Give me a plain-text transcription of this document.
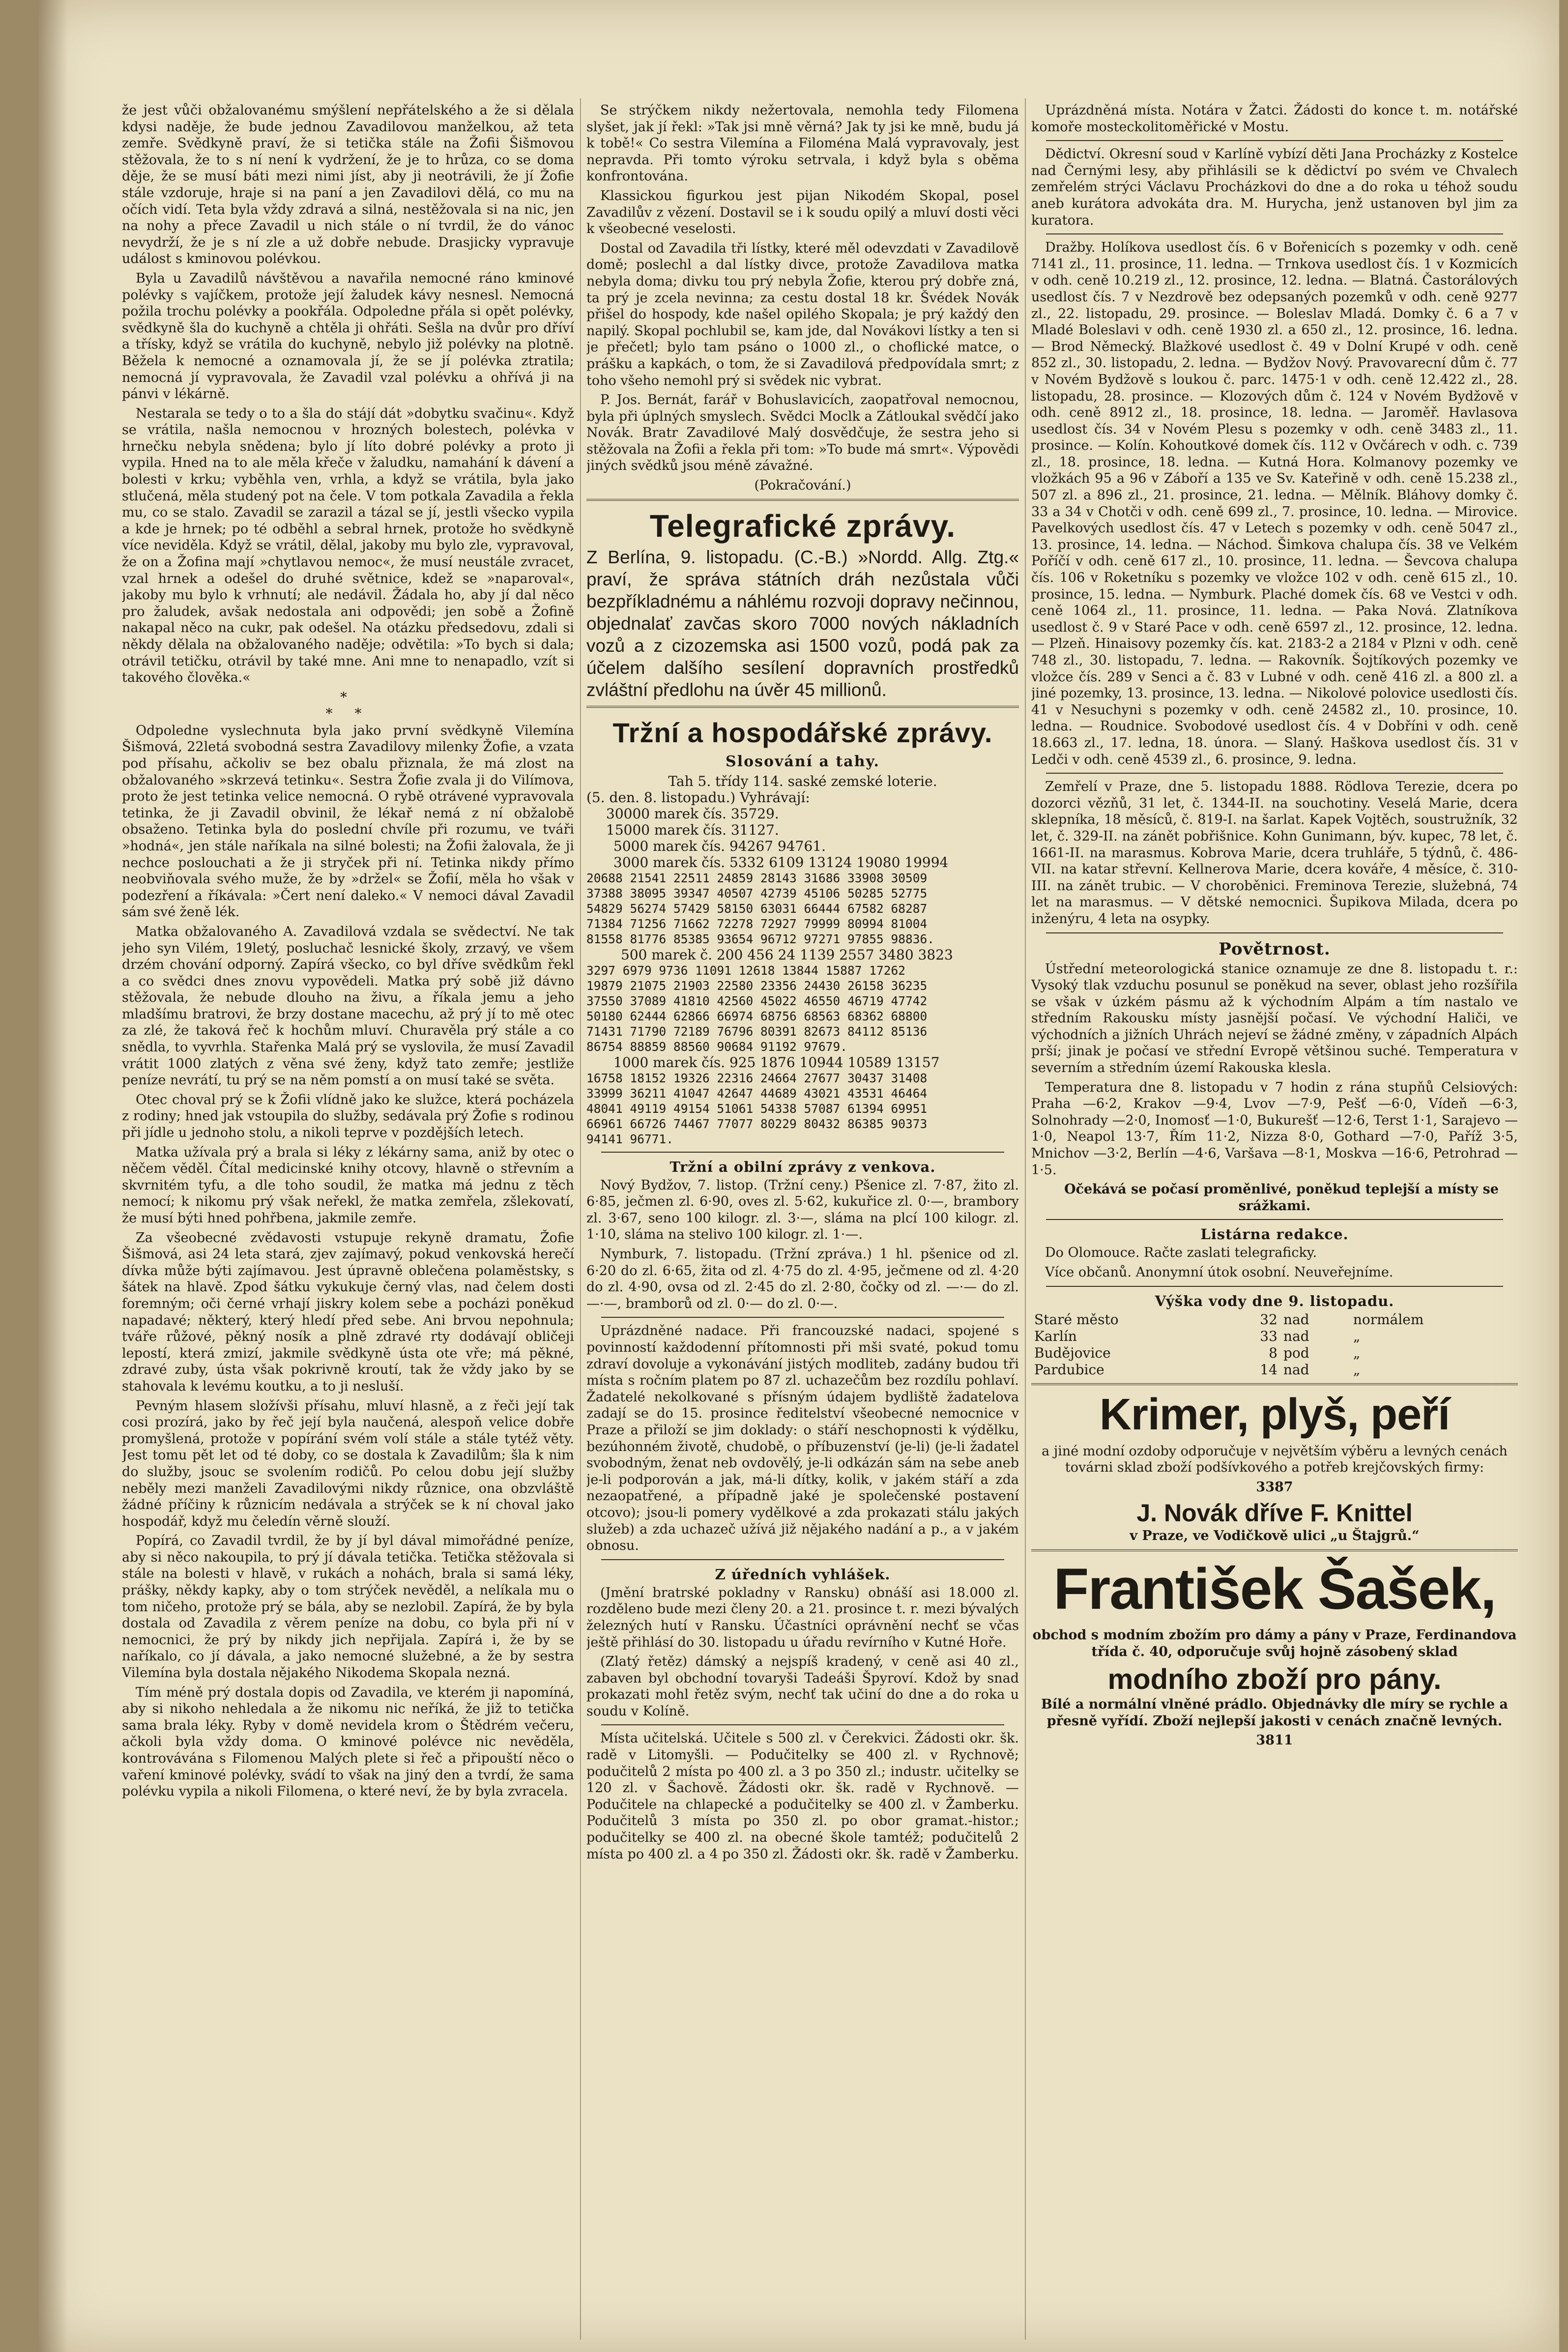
že jest vůči obžalovanému smýšlení nepřátelského a že si dělala kdysi naděje, že bude jednou Zavadilovou manželkou, až teta zemře. Svědkyně praví, že si tetička stále na Žofii Šišmovou stěžovala, že to s ní není k vydržení, že je to hrůza, co se doma děje, že se musí báti mezi nimi jíst, aby ji neotrávili, že jí Žofie stále vzdoruje, hraje si na paní a jen Zavadilovi dělá, co mu na očích vidí. Teta byla vždy zdravá a silná, nestěžovala si na nic, jen na nohy a přece Zavadil u nich stále o ní tvrdil, že do vánoc nevydrží, že je s ní zle a už dobře nebude. Drasjicky vypravuje událost s kminovou polévkou.

Byla u Zavadilů návštěvou a navařila nemocné ráno kminové polévky s vajíčkem, protože její žaludek kávy nesnesl. Nemocná požila trochu polévky a pookřála. Odpoledne přála si opět polévky, svědkyně šla do kuchyně a chtěla ji ohřáti. Sešla na dvůr pro dříví a třísky, když se vrátila do kuchyně, nebylo již polévky na plotně. Běžela k nemocné a oznamovala jí, že se jí polévka ztratila; nemocná jí vypravovala, že Zavadil vzal polévku a ohřívá ji na pánvi v lékárně.

Nestarala se tedy o to a šla do stájí dát »dobytku svačinu«. Když se vrátila, našla nemocnou v hrozných bolestech, polévka v hrnečku nebyla snědena; bylo jí líto dobré polévky a proto ji vypila. Hned na to ale měla křeče v žaludku, namahání k dávení a bolesti v krku; vyběhla ven, vrhla, a když se vrátila, byla jako stlučená, měla studený pot na čele. V tom potkala Zavadila a řekla mu, co se stalo. Zavadil se zarazil a tázal se jí, jestli všecko vypila a kde je hrnek; po té odběhl a sebral hrnek, protože ho svědkyně více neviděla. Když se vrátil, dělal, jakoby mu bylo zle, vypravoval, že on a Žofina mají »chytlavou nemoc«, že musí neustále zvracet, vzal hrnek a odešel do druhé světnice, kdež se »naparoval«, jakoby mu bylo k vrhnutí; ale nedávil. Žádala ho, aby jí dal něco pro žaludek, avšak nedostala ani odpovědi; jen sobě a Žofině nakapal něco na cukr, pak odešel. Na otázku předsedovu, zdali si někdy dělala na obžalovaného naděje; odvětila: »To bych si dala; otrávil tetičku, otrávil by také mne. Ani mne to nenapadlo, vzít si takového člověka.«

*
* *

Odpoledne vyslechnuta byla jako první svědkyně Vilemína Šišmová, 22letá svobodná sestra Zavadilovy milenky Žofie, a vzata pod přísahu, ačkoliv se bez obalu přiznala, že má zlost na obžalovaného »skrzevá tetinku«. Sestra Žofie zvala ji do Vilímova, proto že jest tetinka velice nemocná. O rybě otrávené vypravovala tetinka, že ji Zavadil obvinil, že lékař nemá z ní obžalobě obsaženo. Tetinka byla do poslední chvíle při rozumu, ve tváři »hodná«, jen stále naříkala na silné bolesti; na Žofii žalovala, že ji nechce poslouchati a že ji stryček při ní. Tetinka nikdy přímo neobviňovala svého muže, že by »držel« se Žofií, měla ho však v podezření a říkávala: »Čert není daleko.« V nemoci dával Zavadil sám své ženě lék.

Matka obžalovaného A. Zavadilová vzdala se svědectví. Ne tak jeho syn Vilém, 19letý, posluchač lesnické školy, zrzavý, ve všem drzém chování odporný. Zapírá všecko, co byl dříve svědkům řekl a co svědci dnes znovu vypovědeli. Matka prý sobě již dávno stěžovala, že nebude dlouho na živu, a říkala jemu a jeho mladšímu bratrovi, že brzy dostane macechu, až prý jí to mě otec za zlé, že taková řeč k hochům mluví. Churavěla prý stále a co snědla, to vyvrhla. Stařenka Malá prý se vyslovila, že musí Zavadil vrátit 1000 zlatých z věna své ženy, když tato zemře; jestliže peníze nevrátí, tu prý se na něm pomstí a on musí také se světa.

Otec choval prý se k Žofii vlídně jako ke služce, která pocházela z rodiny; hned jak vstoupila do služby, sedávala prý Žofie s rodinou při jídle u jednoho stolu, a nikoli teprve v pozdějších letech.

Matka užívala prý a brala si léky z lékárny sama, aniž by otec o něčem věděl. Čítal medicinské knihy otcovy, hlavně o střevním a skvrnitém tyfu, a dle toho soudil, že matka má jednu z těch nemocí; k nikomu prý však neřekl, že matka zemřela, zšlekovatí, že musí býti hned pohřbena, jakmile zemře.

Za všeobecné zvědavosti vstupuje rekyně dramatu, Žofie Šišmová, asi 24 leta stará, zjev zajímavý, pokud venkovská herečí dívka může býti zajímavou. Jest úpravně oblečena polaměstsky, s šátek na hlavě. Zpod šátku vykukuje černý vlas, nad čelem dosti foremným; oči černé vrhají jiskry kolem sebe a pocházi poněkud napadavé; některý, který hledí před sebe. Ani brvou nepohnula; tváře růžové, pěkný nosík a plně zdravé rty dodávají obličeji lepostí, která zmizí, jakmile svědkyně ústa ote vře; má pěkné, zdravé zuby, ústa však pokrivně kroutí, tak že vždy jako by se stahovala k levému koutku, a to ji nesluší.

Pevným hlasem složívši přísahu, mluví hlasně, a z řeči její tak cosi prozírá, jako by řeč její byla naučená, alespoň velice dobře promyšlená, protože v popírání svém volí stále a stále tytéž věty. Jest tomu pět let od té doby, co se dostala k Zavadilům; šla k nim do služby, jsouc se svolením rodičů. Po celou dobu její služby neběly mezi manželi Zavadilovými nikdy různice, ona obzvláště žádné příčiny k různicím nedávala a strýček se k ní choval jako hospodář, když mu čeledín věrně slouží.

Popírá, co Zavadil tvrdil, že by jí byl dával mimořádné peníze, aby si něco nakoupila, to prý jí dávala tetička. Tetička stěžovala si stále na bolesti v hlavě, v rukách a nohách, brala si samá léky, prášky, někdy kapky, aby o tom strýček nevěděl, a nelíkala mu o tom ničeho, protože prý se bála, aby se nezlobil. Zapírá, že by byla dostala od Zavadila z věrem peníze na dobu, co byla při ní v nemocnici, že prý by nikdy jich nepřijala. Zapírá i, že by se naříkalo, co jí dávala, a jako nemocné služebné, a že by sestra Vilemína byla dostala nějakého Nikodema Skopala nezná.

Tím méně prý dostala dopis od Zavadila, ve kterém ji napomíná, aby si nikoho nehledala a že nikomu nic neříká, že již to tetička sama brala léky. Ryby v domě nevidela krom o Štědrém večeru, ačkoli byla vždy doma. O kminové polévce nic nevěděla, kontrovávána s Filomenou Malých plete si řeč a připouští něco o vaření kminové polévky, svádí to však na jiný den a tvrdí, že sama polévku vypila a nikoli Filomena, o které neví, že by byla zvracela.

Se strýčkem nikdy nežertovala, nemohla tedy Filomena slyšet, jak jí řekl: »Tak jsi mně věrná? Jak ty jsi ke mně, budu já k tobě!« Co sestra Vilemína a Filoména Malá vypravovaly, jest nepravda. Při tomto výroku setrvala, i když byla s oběma konfrontována.

Klassickou figurkou jest pijan Nikodém Skopal, posel Zavadilův z vězení. Dostavil se i k soudu opilý a mluví dosti věci k všeobecné veselosti.

Dostal od Zavadila tři lístky, které měl odevzdati v Zavadilově domě; poslechl a dal lístky divce, protože Zavadilova matka nebyla doma; divku tou prý nebyla Žofie, kterou prý dobře zná, ta prý je zcela nevinna; za cestu dostal 18 kr. Švédek Novák přišel do hospody, kde našel opilého Skopala; je prý každý den napilý. Skopal pochlubil se, kam jde, dal Novákovi lístky a ten si je přečetl; bylo tam psáno o 1000 zl., o choflické matce, o prášku a kapkách, o tom, že si Zavadilová předpovídala smrt; z toho všeho nemohl prý si svědek nic vybrat.

P. Jos. Bernát, farář v Bohuslavicích, zaopatřoval nemocnou, byla při úplných smyslech. Svědci Moclk a Zátloukal svědčí jako Novák. Bratr Zavadilové Malý dosvědčuje, že sestra jeho si stěžovala na Žofii a řekla při tom: »To bude má smrt«. Výpovědi jiných svědků jsou méně závažné.

(Pokračování.)

Telegrafické zprávy.

Z Berlína, 9. listopadu. (C.-B.) »Nordd. Allg. Ztg.« praví, že správa státních dráh nezůstala vůči bezpříkladnému a náhlému rozvoji dopravy nečinnou, objednalať zavčas skoro 7000 nových nákladních vozů a z cizozemska asi 1500 vozů, podá pak za účelem dalšího sesílení dopravních prostředků zvláštní předlohu na úvěr 45 millionů.

Tržní a hospodářské zprávy.
Slosování a tahy.

Tah 5. třídy 114. saské zemské loterie.

(5. den. 8. listopadu.) Vyhrávají:

30000 marek čís. 35729.

15000 marek čís. 31127.

5000 marek čís. 94267 94761.

3000 marek čís. 5332 6109 13124 19080 19994

20688 21541 22511 24859 28143 31686 33908 30509
37388 38095 39347 40507 42739 45106 50285 52775
54829 56274 57429 58150 63031 66444 67582 68287
71384 71256 71662 72278 72927 79999 80994 81004
81558 81776 85385 93654 96712 97271 97855 98836.

500 marek č. 200 456 24 1139 2557 3480 3823

3297 6979 9736 11091 12618 13844 15887 17262
19879 21075 21903 22580 23356 24430 26158 36235
37550 37089 41810 42560 45022 46550 46719 47742
50180 62444 62866 66974 68756 68563 68362 68800
71431 71790 72189 76796 80391 82673 84112 85136
86754 88859 88560 90684 91192 97679.

1000 marek čís. 925 1876 10944 10589 13157

16758 18152 19326 22316 24664 27677 30437 31408
33999 36211 41047 42647 44689 43021 43531 46464
48041 49119 49154 51061 54338 57087 61394 69951
66961 66726 74467 77077 80229 80432 86385 90373
94141 96771.
Tržní a obilní zprávy z venkova.

Nový Bydžov, 7. listop. (Tržní ceny.) Pšenice zl. 7·87, žito zl. 6·85, ječmen zl. 6·90, oves zl. 5·62, kukuřice zl. 0·—, brambory zl. 3·67, seno 100 kilogr. zl. 3·—, sláma na plcí 100 kilogr. zl. 1·10, sláma na stelivo 100 kilogr. zl. 1·—.

Nymburk, 7. listopadu. (Tržní zpráva.) 1 hl. pšenice od zl. 6·20 do zl. 6·65, žita od zl. 4·75 do zl. 4·95, ječmene od zl. 4·20 do zl. 4·90, ovsa od zl. 2·45 do zl. 2·80, čočky od zl. —·— do zl. —·—, bramborů od zl. 0·— do zl. 0·—.

Uprázdněné nadace. Při francouzské nadaci, spojené s povinností každodenní přítomnosti při mši svaté, pokud tomu zdraví dovoluje a vykonávání jistých modliteb, zadány budou tři místa s ročním platem po 87 zl. uchazečům bez rozdílu pohlaví. Žadatelé nekolkované s přísným údajem bydliště žadatelova zadají se do 15. prosince ředitelství všeobecné nemocnice v Praze a přiloží se jim doklady: o stáří neschopnosti k výdělku, bezúhonném životě, chudobě, o příbuzenství (je-li) (je-li žadatel svobodným, ženat neb ovdovělý, je-li odkázán sám na sebe aneb je-li podporován a jak, má-li dítky, kolik, v jakém stáří a zda nezaopatřené, a případně jaké je společenské postavení otcovo); jsou-li pomery vydělkové a zda prokazati stálu jakých služeb) a zda uchazeč užívá již nějakého nadání a p., a v jakém obnosu.

Z úředních vyhlášek.

(Jmění bratrské pokladny v Ransku) obnáší asi 18.000 zl. rozděleno bude mezi členy 20. a 21. prosince t. r. mezi bývalých železných hutí v Ransku. Účastníci oprávnění nechť se včas ještě přihlásí do 30. listopadu u úřadu revírního v Kutné Hoře.

(Zlatý řetěz) dámský a nejspíš kradený, v ceně asi 40 zl., zabaven byl obchodní tovaryši Tadeáši Špyroví. Kdož by snad prokazati mohl řetěz svým, nechť tak učiní do dne a do roka u soudu v Kolíně.

Místa učitelská. Učitele s 500 zl. v Čerekvici. Žádosti okr. šk. radě v Litomyšli. — Podučitelky se 400 zl. v Rychnově; podučitelů 2 místa po 400 zl. a 3 po 350 zl.; industr. učitelky se 120 zl. v Šachově. Žádosti okr. šk. radě v Rychnově. — Podučitele na chlapecké a podučitelky se 400 zl. v Žamberku. Podučitelů 3 místa po 350 zl. po obor gramat.-histor.; podučitelky se 400 zl. na obecné škole tamtéž; podučitelů 2 místa po 400 zl. a 4 po 350 zl. Žádosti okr. šk. radě v Žamberku.

Uprázdněná místa. Notára v Žatci. Žádosti do konce t. m. notářské komoře mosteckolitoměřické v Mostu.

Dědictví. Okresní soud v Karlíně vybízí děti Jana Procházky z Kostelce nad Černými lesy, aby přihlásili se k dědictví po svém ve Chvalech zemřelém strýci Václavu Procházkovi do dne a do roka u téhož soudu aneb kurátora advokáta dra. M. Hurycha, jenž ustanoven byl jim za kuratora.

Dražby. Holíkova usedlost čís. 6 v Bořenicích s pozemky v odh. ceně 7141 zl., 11. prosince, 11. ledna. — Trnkova usedlost čís. 1 v Kozmicích v odh. ceně 10.219 zl., 12. prosince, 12. ledna. — Blatná. Častorálových usedlost čís. 7 v Nezdrově bez odepsaných pozemků v odh. ceně 9277 zl., 22. listopadu, 29. prosince. — Boleslav Mladá. Domky č. 6 a 7 v Mladé Boleslavi v odh. ceně 1930 zl. a 650 zl., 12. prosince, 16. ledna. — Brod Německý. Blažkové usedlost č. 49 v Dolní Krupé v odh. ceně 852 zl., 30. listopadu, 2. ledna. — Bydžov Nový. Pravovarecní dům č. 77 v Novém Bydžově s loukou č. parc. 1475·1 v odh. ceně 12.422 zl., 28. listopadu, 28. prosince. — Klozových dům č. 124 v Novém Bydžově v odh. ceně 8912 zl., 18. prosince, 18. ledna. — Jaroměř. Havlasova usedlost čís. 34 v Novém Plesu s pozemky v odh. ceně 3483 zl., 11. prosince. — Kolín. Kohoutkové domek čís. 112 v Ovčárech v odh. c. 739 zl., 18. prosince, 18. ledna. — Kutná Hora. Kolmanovy pozemky ve vložkách 95 a 96 v Záboří a 135 ve Sv. Kateřině v odh. ceně 15.238 zl., 507 zl. a 896 zl., 21. prosince, 21. ledna. — Mělník. Bláhovy domky č. 33 a 34 v Chotči v odh. ceně 699 zl., 7. prosince, 10. ledna. — Mirovice. Pavelkových usedlost čís. 47 v Letech s pozemky v odh. ceně 5047 zl., 13. prosince, 14. ledna. — Náchod. Šimkova chalupa čís. 38 ve Velkém Poříčí v odh. ceně 617 zl., 10. prosince, 11. ledna. — Ševcova chalupa čís. 106 v Roketníku s pozemky ve vložce 102 v odh. ceně 615 zl., 10. prosince, 15. ledna. — Nymburk. Plaché domek čís. 68 ve Vestci v odh. ceně 1064 zl., 11. prosince, 11. ledna. — Paka Nová. Zlatníkova usedlost č. 9 v Staré Pace v odh. ceně 6597 zl., 12. prosince, 12. ledna. — Plzeň. Hinaisovy pozemky čís. kat. 2183-2 a 2184 v Plzni v odh. ceně 748 zl., 30. listopadu, 7. ledna. — Rakovník. Šojtíkových pozemky ve vložce čís. 289 v Senci a č. 83 v Lubné v odh. ceně 416 zl. a 800 zl. a jiné pozemky, 13. prosince, 13. ledna. — Nikolové polovice usedlosti čís. 41 v Nesuchyni s pozemky v odh. ceně 24582 zl., 10. prosince, 10. ledna. — Roudnice. Svobodové usedlost čís. 4 v Dobříni v odh. ceně 18.663 zl., 17. ledna, 18. února. — Slaný. Haškova usedlost čís. 31 v Ledči v odh. ceně 4539 zl., 6. prosince, 9. ledna.

Zemřelí v Praze, dne 5. listopadu 1888. Rödlova Terezie, dcera po dozorci vězňů, 31 let, č. 1344-II. na souchotiny. Veselá Marie, dcera sklepníka, 18 měsíců, č. 819-I. na šarlat. Kapek Vojtěch, soustružník, 32 let, č. 329-II. na zánět pobřišnice. Kohn Gunimann, býv. kupec, 78 let, č. 1661-II. na marasmus. Kobrova Marie, dcera truhláře, 5 týdnů, č. 486-VII. na katar střevní. Kellnerova Marie, dcera kováře, 4 měsíce, č. 310-III. na zánět trubic. — V choroběnici. Freminova Terezie, služebná, 74 let na marasmus. — V dětské nemocnici. Šupikova Milada, dcera po inženýru, 4 leta na osypky.

Povětrnost.

Ústřední meteorologická stanice oznamuje ze dne 8. listopadu t. r.: Vysoký tlak vzduchu posunul se poněkud na sever, oblast jeho rozšířila se však v úzkém pásmu až k východním Alpám a tím nastalo ve středním Rakousku místy jasnější počasí. Ve východní Haliči, ve východních a jižních Uhrách nejeví se žádné změny, v západních Alpách prší; jinak je počasí ve střední Evropě většinou suché. Temperatura v severním a středním území Rakouska klesla.

Temperatura dne 8. listopadu v 7 hodin z rána stupňů Celsiových: Praha —6·2, Krakov —9·4, Lvov —7·9, Pešť —6·0, Vídeň —6·3, Solnohrady —2·0, Inomosť —1·0, Bukurešť —12·6, Terst 1·1, Sarajevo —1·0, Neapol 13·7, Řím 11·2, Nizza 8·0, Gothard —7·0, Paříž 3·5, Mnichov —3·2, Berlín —4·6, Varšava —8·1, Moskva —16·6, Petrohrad —1·5.

Očekává se počasí proměnlivé, poněkud teplejší a místy se srážkami.

Listárna redakce.

Do Olomouce. Račte zaslati telegraficky.

Více občanů. Anonymní útok osobní. Neuveřejníme.

Výška vody dne 9. listopadu.
Staré město	32	nad	normálem
Karlín	33	nad	„
Budějovice	8	pod	„
Pardubice	14	nad	„
Krimer, plyš, peří

a jiné modní ozdoby odporučuje v největším výběru a levných cenách továrni sklad zboží podšívkového a potřeb krejčovských firmy:

3387

J. Novák dříve F. Knittel

v Praze, ve Vodičkově ulici „u Štajgrů.“

František Šašek,

obchod s modním zbožím pro dámy a pány v Praze, Ferdinandova třída č. 40, odporučuje svůj hojně zásobený sklad

modního zboží pro pány.

Bílé a normální vlněné prádlo. Objednávky dle míry se rychle a přesně vyřídí. Zboží nejlepší jakosti v cenách značně levných.

3811
